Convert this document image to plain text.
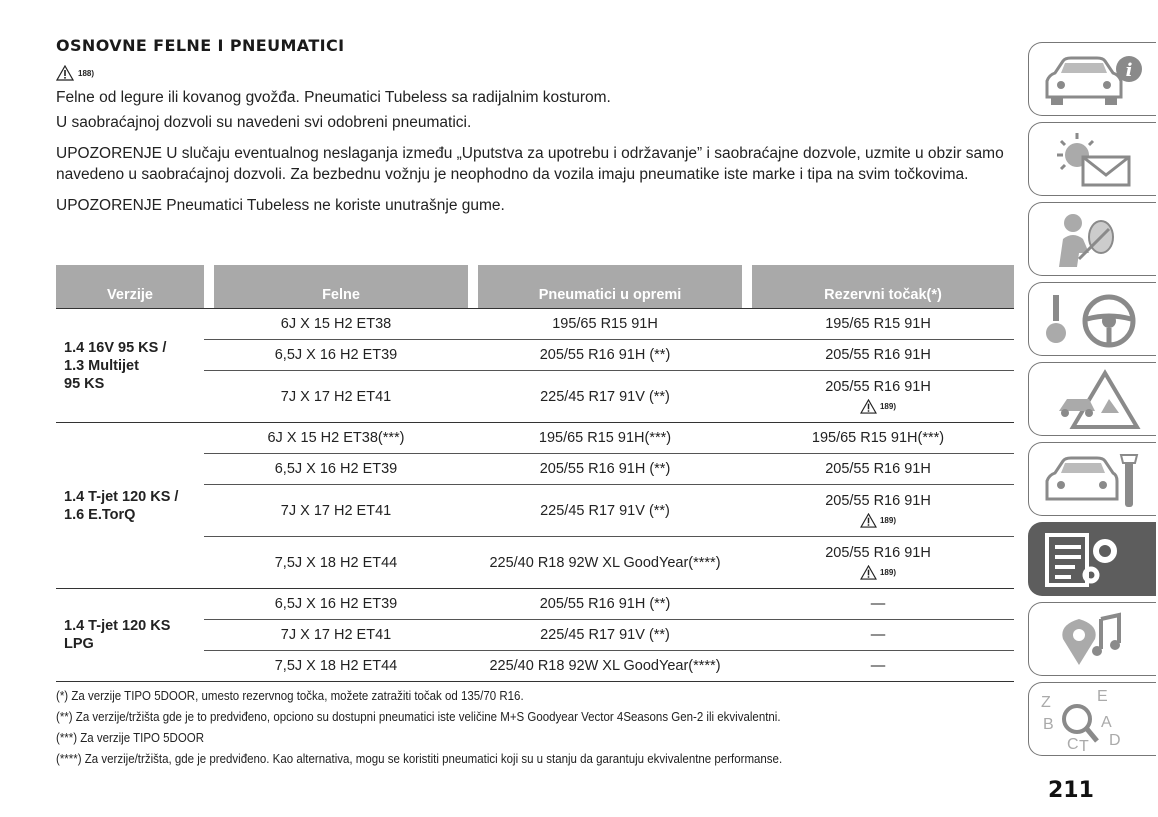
OSNOVNE FELNE I PNEUMATICI
188)

Felne od legure ili kovanog gvožđa. Pneumatici Tubeless sa radijalnim kosturom.

U saobraćajnoj dozvoli su navedeni svi odobreni pneumatici.

UPOZORENJE U slučaju eventualnog neslaganja između „Uputstva za upotrebu i održavanje” i saobraćajne dozvole, uzmite u obzir samo navedeno u saobraćajnoj dozvoli. Za bezbednu vožnju je neophodno da vozila imaju pneumatike iste marke i tipa na svim točkovima.

UPOZORENJE Pneumatici Tubeless ne koriste unutrašnje gume.

Verzije	Felne	Pneumatici u opremi	Rezervni točak(*)
1.4 16V 95 KS /
1.3 Multijet
95 KS	6J X 15 H2 ET38	195/65 R15 91H	195/65 R15 91H
	6,5J X 16 H2 ET39	205/55 R16 91H (**)	205/55 R16 91H
	7J X 17 H2 ET41	225/45 R17 91V (**)	205/55 R16 91H
189)

1.4 T-jet 120 KS /
1.6 E.TorQ	6J X 15 H2 ET38(***)	195/65 R15 91H(***)	195/65 R15 91H(***)
	6,5J X 16 H2 ET39	205/55 R16 91H (**)	205/55 R16 91H
	7J X 17 H2 ET41	225/45 R17 91V (**)	205/55 R16 91H
189)

	7,5J X 18 H2 ET44	225/40 R18 92W XL GoodYear(****)	205/55 R16 91H
189)

1.4 T-jet 120 KS
LPG	6,5J X 16 H2 ET39	205/55 R16 91H (**)	—
	7J X 17 H2 ET41	225/45 R17 91V (**)	—
	7,5J X 18 H2 ET44	225/40 R18 92W XL GoodYear(****)	—
(*) Za verzije TIPO 5DOOR, umesto rezervnog točka, možete zatražiti točak od 135/70 R16.
(**) Za verzije/tržišta gde je to predviđeno, opciono su dostupni pneumatici iste veličine M+S Goodyear Vector 4Seasons Gen-2 ili ekvivalentni.
(***) Za verzije TIPO 5DOOR
(****) Za verzije/tržišta, gde je predviđeno. Kao alternativa, mogu se koristiti pneumatici koji su u stanju da garantuju ekvivalentne performanse.
i
Z	E
B	A
C T D
211
